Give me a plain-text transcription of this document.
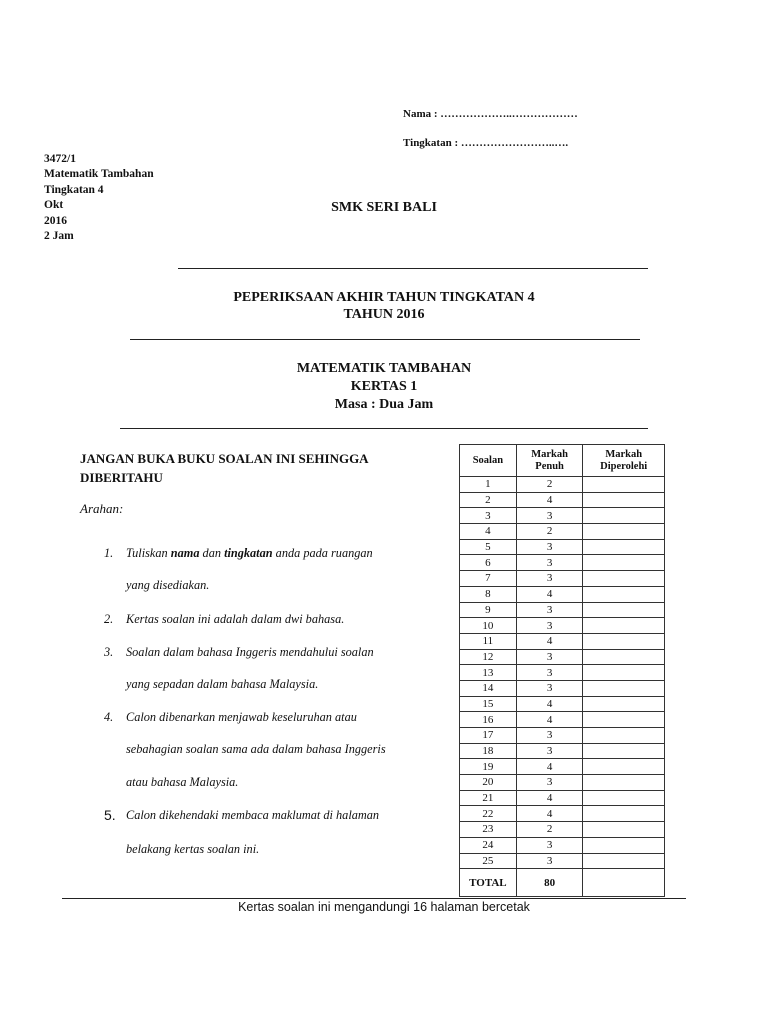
Nama : ………………..………………
Tingkatan : ……………………..….
3472/1
Matematik Tambahan
Tingkatan 4
Okt
2016
2 Jam
SMK SERI BALI
PEPERIKSAAN AKHIR TAHUN TINGKATAN 4
TAHUN 2016
MATEMATIK TAMBAHAN
KERTAS 1
Masa : Dua Jam
JANGAN BUKA BUKU SOALAN INI SEHINGGA DIBERITAHU
Arahan:
1. Tuliskan nama dan tingkatan anda pada ruangan
yang disediakan.
2. Kertas soalan ini adalah dalam dwi bahasa.
3. Soalan dalam bahasa Inggeris mendahului soalan
yang sepadan dalam bahasa Malaysia.
4. Calon dibenarkan menjawab keseluruhan atau
sebahagian soalan sama ada dalam bahasa Inggeris
atau bahasa Malaysia.
5. Calon dikehendaki membaca maklumat di halaman
belakang kertas soalan ini.
Soalan	Markah Penuh	Markah Diperolehi
1	2	
2	4	
3	3	
4	2	
5	3	
6	3	
7	3	
8	4	
9	3	
10	3	
11	4	
12	3	
13	3	
14	3	
15	4	
16	4	
17	3	
18	3	
19	4	
20	3	
21	4	
22	4	
23	2	
24	3	
25	3	
TOTAL	80	
Kertas soalan ini mengandungi 16 halaman bercetak
